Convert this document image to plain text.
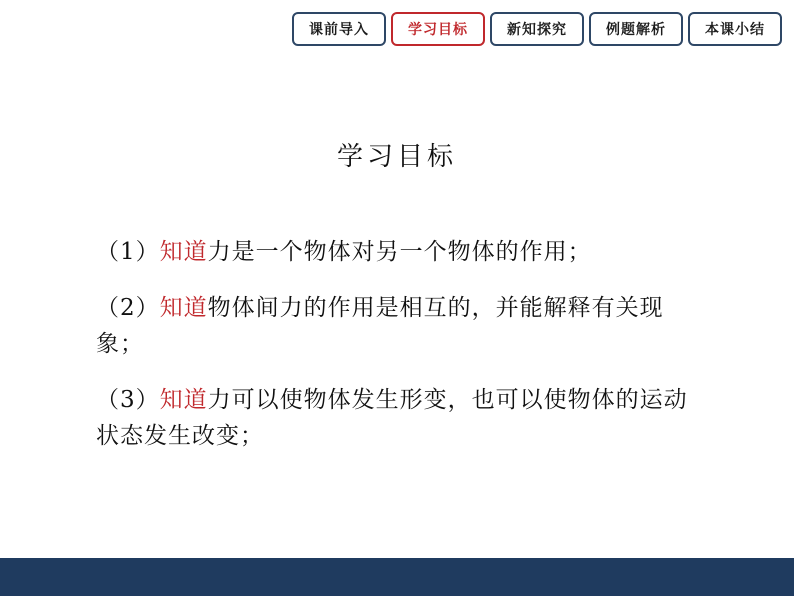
课前导入	学习目标	新知探究	例题解析	本课小结
学习目标

（1）知道力是一个物体对另一个物体的作用；

（2）知道物体间力的作用是相互的，并能解释有关现象；

（3）知道力可以使物体发生形变，也可以使物体的运动状态发生改变；
